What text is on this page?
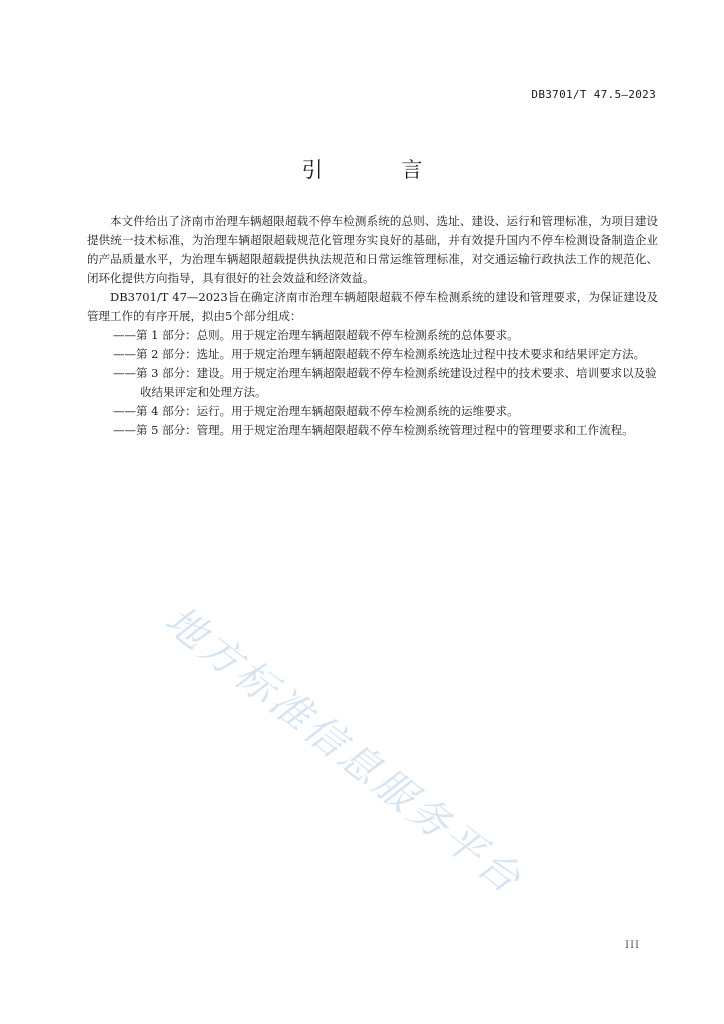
DB3701/T 47.5—2023
引 言

本文件给出了济南市治理车辆超限超载不停车检测系统的总则、选址、建设、运行和管理标准，为项目建设提供统一技术标准，为治理车辆超限超载规范化管理夯实良好的基础，并有效提升国内不停车检测设备制造企业的产品质量水平，为治理车辆超限超载提供执法规范和日常运维管理标准，对交通运输行政执法工作的规范化、闭环化提供方向指导，具有很好的社会效益和经济效益。

DB3701/T 47—2023旨在确定济南市治理车辆超限超载不停车检测系统的建设和管理要求，为保证建设及管理工作的有序开展，拟由5个部分组成：

——第 1 部分：总则。用于规定治理车辆超限超载不停车检测系统的总体要求。

——第 2 部分：选址。用于规定治理车辆超限超载不停车检测系统选址过程中技术要求和结果评定方法。

——第 3 部分：建设。用于规定治理车辆超限超载不停车检测系统建设过程中的技术要求、培训要求以及验收结果评定和处理方法。

——第 4 部分：运行。用于规定治理车辆超限超载不停车检测系统的运维要求。

——第 5 部分：管理。用于规定治理车辆超限超载不停车检测系统管理过程中的管理要求和工作流程。

地方标准信息服务平台
III
